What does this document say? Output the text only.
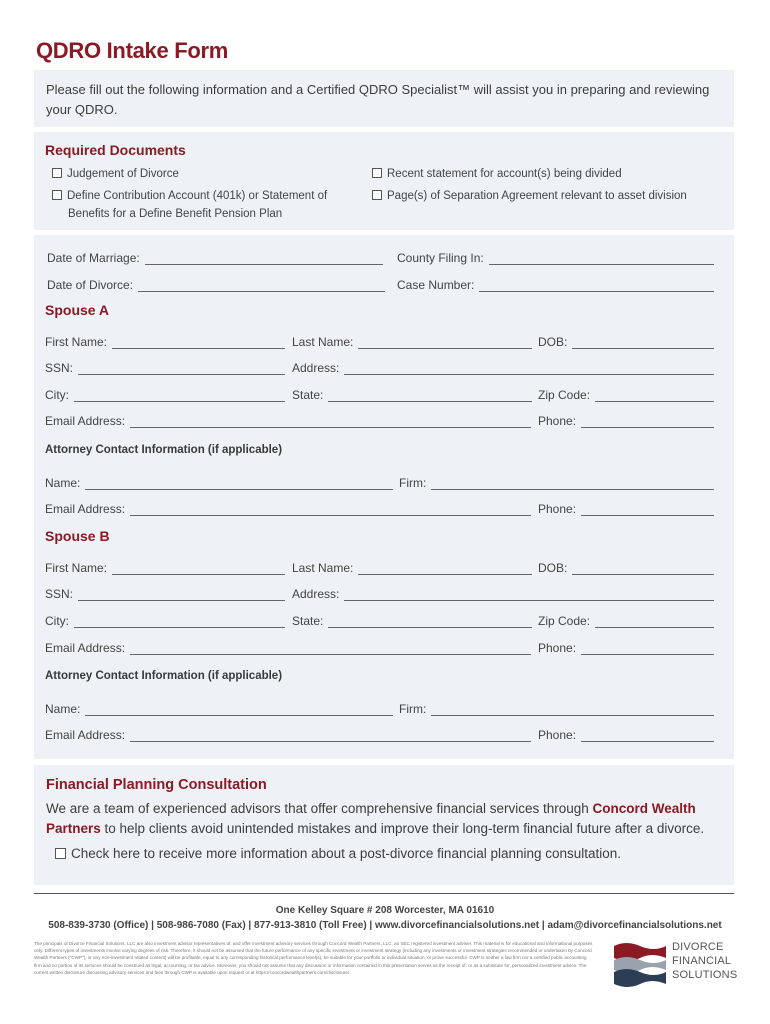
QDRO Intake Form
Please fill out the following information and a Certified QDRO Specialist™ will assist you in preparing and reviewing your QDRO.
Required Documents
Judgement of Divorce
Define Contribution Account (401k) or Statement of Benefits for a Define Benefit Pension Plan
Recent statement for account(s) being divided
Page(s) of Separation Agreement relevant to asset division
Date of Marriage:	County Filing In:
Date of Divorce:	Case Number:
Spouse A
First Name:	Last Name:	DOB:
SSN:	Address:
City:	State:	Zip Code:
Email Address:	Phone:
Attorney Contact Information (if applicable)
Name:	Firm:
Email Address:	Phone:
Spouse B
First Name:	Last Name:	DOB:
SSN:	Address:
City:	State:	Zip Code:
Email Address:	Phone:
Attorney Contact Information (if applicable)
Name:	Firm:
Email Address:	Phone:
Financial Planning Consultation
We are a team of experienced advisors that offer comprehensive financial services through Concord Wealth Partners to help clients avoid unintended mistakes and improve their long-term financial future after a divorce.
Check here to receive more information about a post-divorce financial planning consultation.
One Kelley Square # 208 Worcester, MA 01610
508-839-3730 (Office) | 508-986-7080 (Fax) | 877-913-3810 (Toll Free) | www.divorcefinancialsolutions.net | adam@divorcefinancialsolutions.net
The principals of Divorce Financial Solutions, LLC are also investment advisor representatives of, and offer investment advisory services through Concord Wealth Partners, LLC, an SEC registered investment adviser. This material is for educational and informational purposes only. Different types of investments involve varying degrees of risk. Therefore, it should not be assumed that the future performance of any specific investment or investment strategy (including any investments or investment strategies recommended or undertaken by Concord Wealth Partners ("CWP"), or any non-investment related content) will be profitable, equal to any corresponding historical performance level(s), be suitable for your portfolio or individual situation, or prove successful. CWP is neither a law firm nor a certified public accounting firm and no portion of its services should be construed as legal, accounting, or tax advice. Moreover, you should not assume that any discussion or information contained in this presentation serves as the receipt of, or as a substitute for, personalized investment advice. The current written disclosure discussing advisory services and fees through CWP is available upon request or at https://concordwealthpartners.com/disclosure/.
DIVORCE
FINANCIAL
SOLUTIONS
